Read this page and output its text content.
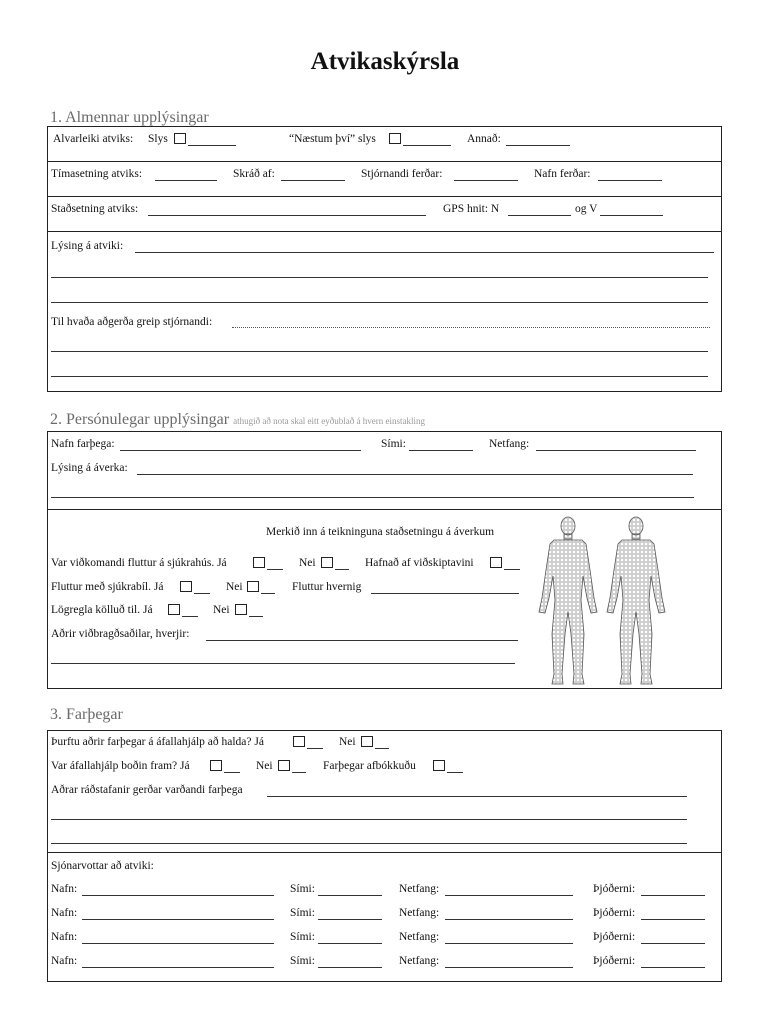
Atvikaskýrsla
1. Almennar upplýsingar
Alvarleiki atviks: Slys	“Næstum því” slys	Annað:
Tímasetning atviks:	Skráð af:	Stjórnandi ferðar:	Nafn ferðar:
Staðsetning atviks:	GPS hnit: N	og V
Lýsing á atviki:
Til hvaða aðgerða greip stjórnandi:
2. Persónulegar upplýsingar athugið að nota skal eitt eyðublað á hvern einstakling
Nafn farþega:	Sími:	Netfang:
Lýsing á áverka:
Merkið inn á teikninguna staðsetningu á áverkum
Var viðkomandi fluttur á sjúkrahús. Já	Nei	Hafnað af viðskiptavini
Fluttur með sjúkrabíl. Já	Nei	Fluttur hvernig
Lögregla kölluð til. Já	Nei
Aðrir viðbragðsaðilar, hverjir:
3. Farþegar
Þurftu aðrir farþegar á áfallahjálp að halda? Já	Nei
Var áfallahjálp boðin fram? Já	Nei	Farþegar afbókkuðu
Aðrar ráðstafanir gerðar varðandi farþega
Sjónarvottar að atviki:
Nafn:	Sími:	Netfang:	Þjóðerni:
Nafn:	Sími:	Netfang:	Þjóðerni:
Nafn:	Sími:	Netfang:	Þjóðerni:
Nafn:	Sími:	Netfang:	Þjóðerni:
